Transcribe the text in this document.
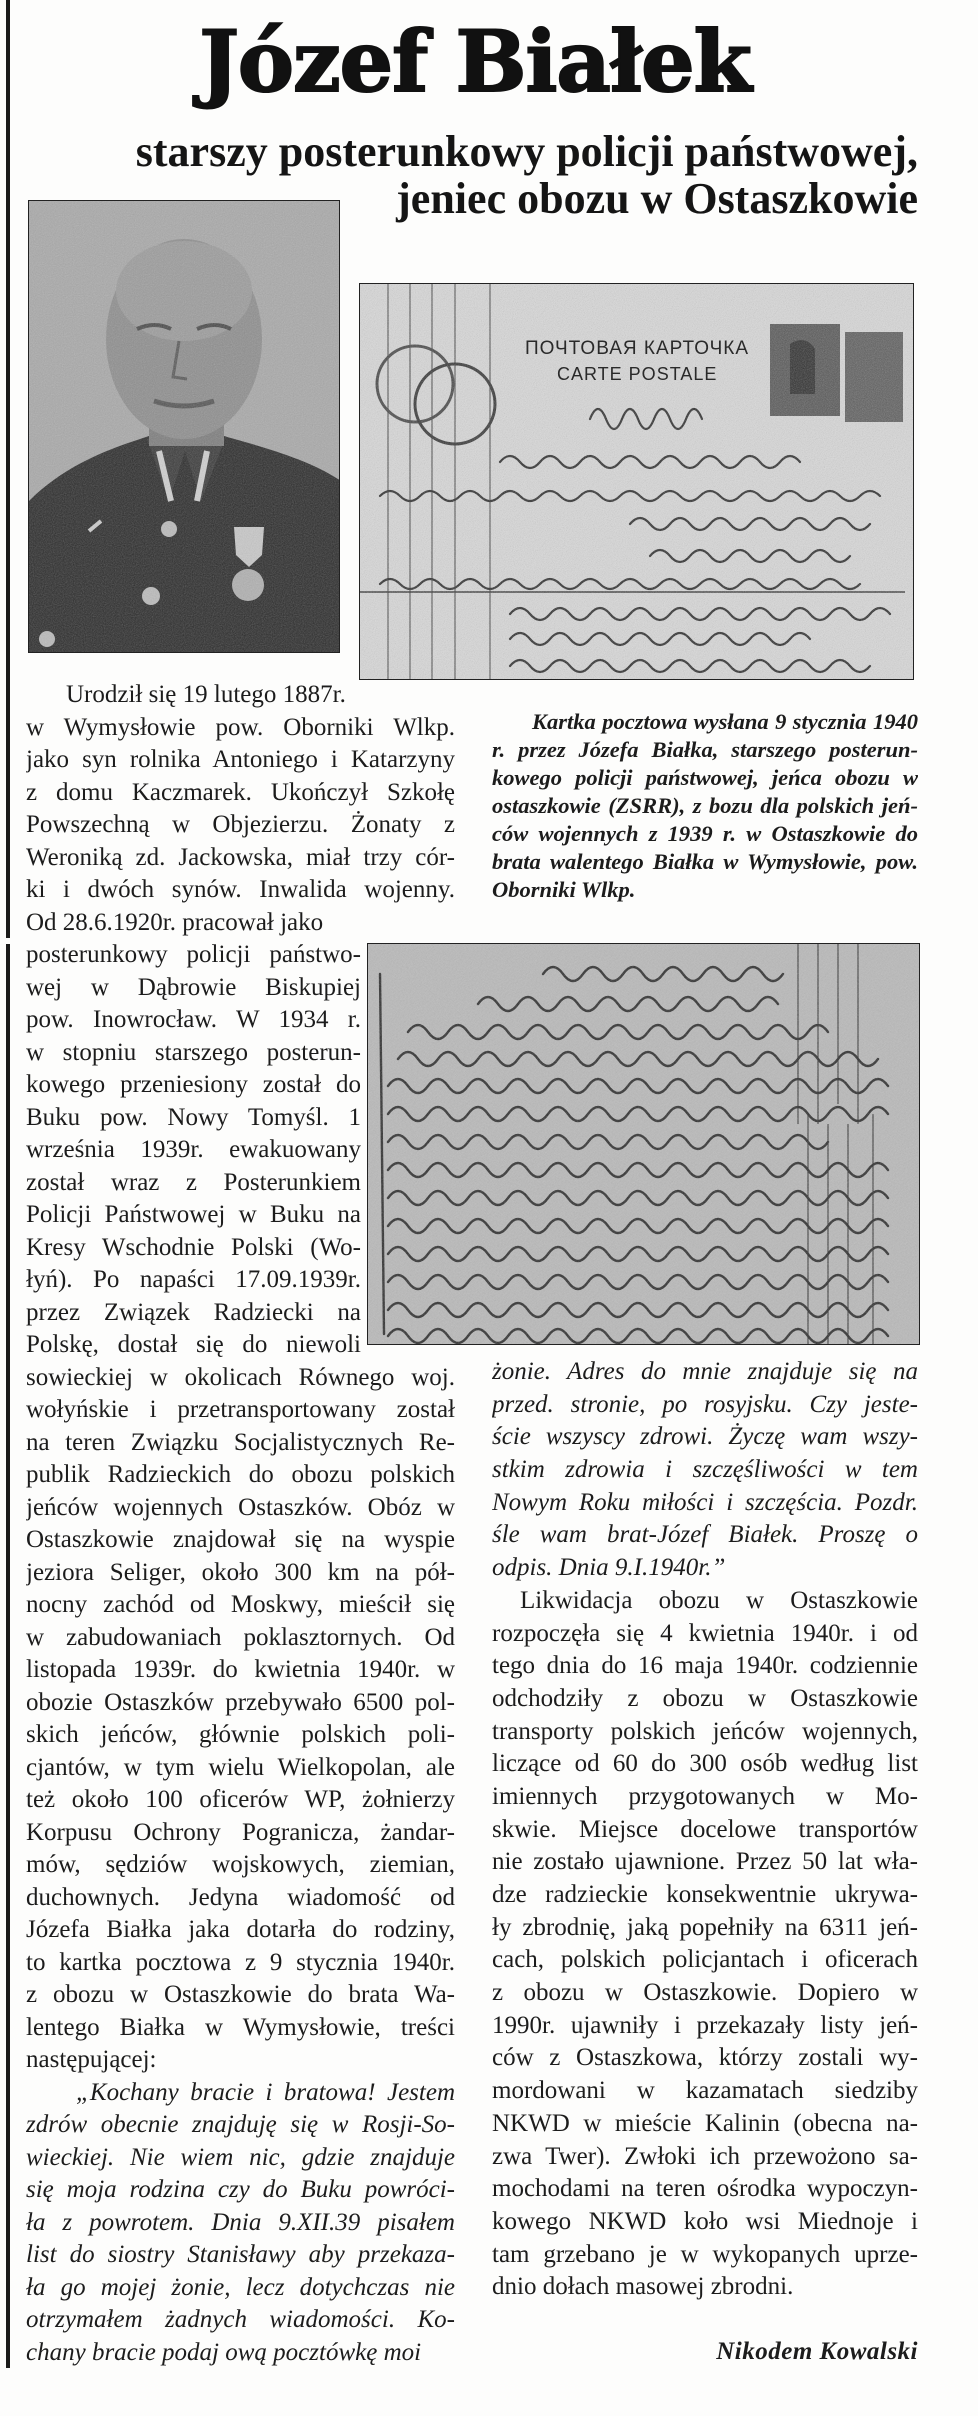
Józef Białek
starszy posterunkowy policji państwowej,
jeniec obozu w Ostaszkowie
ПОЧТОВАЯ КАРТОЧКА
CARTE POSTALE
Kartka pocztowa wysłana 9 stycznia 1940
r. przez Józefa Białka, starszego posterun-
kowego policji państwowej, jeńca obozu w
ostaszkowie (ZSRR), z bozu dla polskich jeń-
ców wojennych z 1939 r. w Ostaszkowie do
brata walentego Białka w Wymysłowie, pow.
Oborniki Wlkp.
Urodził się 19 lutego 1887r.
w Wymysłowie pow. Oborniki Wlkp.
jako syn rolnika Antoniego i Katarzyny
z domu Kaczmarek. Ukończył Szkołę
Powszechną w Objezierzu. Żonaty z
Weroniką zd. Jackowska, miał trzy cór-
ki i dwóch synów. Inwalida wojenny.
Od 28.6.1920r. pracował jako
posterunkowy policji państwo-
wej w Dąbrowie Biskupiej
pow. Inowrocław. W 1934 r.
w stopniu starszego posterun-
kowego przeniesiony został do
Buku pow. Nowy Tomyśl. 1
września 1939r. ewakuowany
został wraz z Posterunkiem
Policji Państwowej w Buku na
Kresy Wschodnie Polski (Wo-
łyń). Po napaści 17.09.1939r.
przez Związek Radziecki na
Polskę, dostał się do niewoli
sowieckiej w okolicach Równego woj.
wołyńskie i przetransportowany został
na teren Związku Socjalistycznych Re-
publik Radzieckich do obozu polskich
jeńców wojennych Ostaszków. Obóz w
Ostaszkowie znajdował się na wyspie
jeziora Seliger, około 300 km na pół-
nocny zachód od Moskwy, mieścił się
w zabudowaniach poklasztornych. Od
listopada 1939r. do kwietnia 1940r. w
obozie Ostaszków przebywało 6500 pol-
skich jeńców, głównie polskich poli-
cjantów, w tym wielu Wielkopolan, ale
też około 100 oficerów WP, żołnierzy
Korpusu Ochrony Pogranicza, żandar-
mów, sędziów wojskowych, ziemian,
duchownych. Jedyna wiadomość od
Józefa Białka jaka dotarła do rodziny,
to kartka pocztowa z 9 stycznia 1940r.
z obozu w Ostaszkowie do brata Wa-
lentego Białka w Wymysłowie, treści
następującej:
„Kochany bracie i bratowa! Jestem
zdrów obecnie znajduję się w Rosji-So-
wieckiej. Nie wiem nic, gdzie znajduje
się moja rodzina czy do Buku powróci-
ła z powrotem. Dnia 9.XII.39 pisałem
list do siostry Stanisławy aby przekaza-
ła go mojej żonie, lecz dotychczas nie
otrzymałem żadnych wiadomości. Ko-
chany bracie podaj ową pocztówkę moi
żonie. Adres do mnie znajduje się na
przed. stronie, po rosyjsku. Czy jeste-
ście wszyscy zdrowi. Życzę wam wszy-
stkim zdrowia i szczęśliwości w tem
Nowym Roku miłości i szczęścia. Pozdr.
śle wam brat-Józef Białek. Proszę o
odpis. Dnia 9.I.1940r.”
Likwidacja obozu w Ostaszkowie
rozpoczęła się 4 kwietnia 1940r. i od
tego dnia do 16 maja 1940r. codziennie
odchodziły z obozu w Ostaszkowie
transporty polskich jeńców wojennych,
liczące od 60 do 300 osób według list
imiennych przygotowanych w Mo-
skwie. Miejsce docelowe transportów
nie zostało ujawnione. Przez 50 lat wła-
dze radzieckie konsekwentnie ukrywa-
ły zbrodnię, jaką popełniły na 6311 jeń-
cach, polskich policjantach i oficerach
z obozu w Ostaszkowie. Dopiero w
1990r. ujawniły i przekazały listy jeń-
ców z Ostaszkowa, którzy zostali wy-
mordowani w kazamatach siedziby
NKWD w mieście Kalinin (obecna na-
zwa Twer). Zwłoki ich przewożono sa-
mochodami na teren ośrodka wypoczyn-
kowego NKWD koło wsi Miednoje i
tam grzebano je w wykopanych uprze-
dnio dołach masowej zbrodni.
Nikodem Kowalski
